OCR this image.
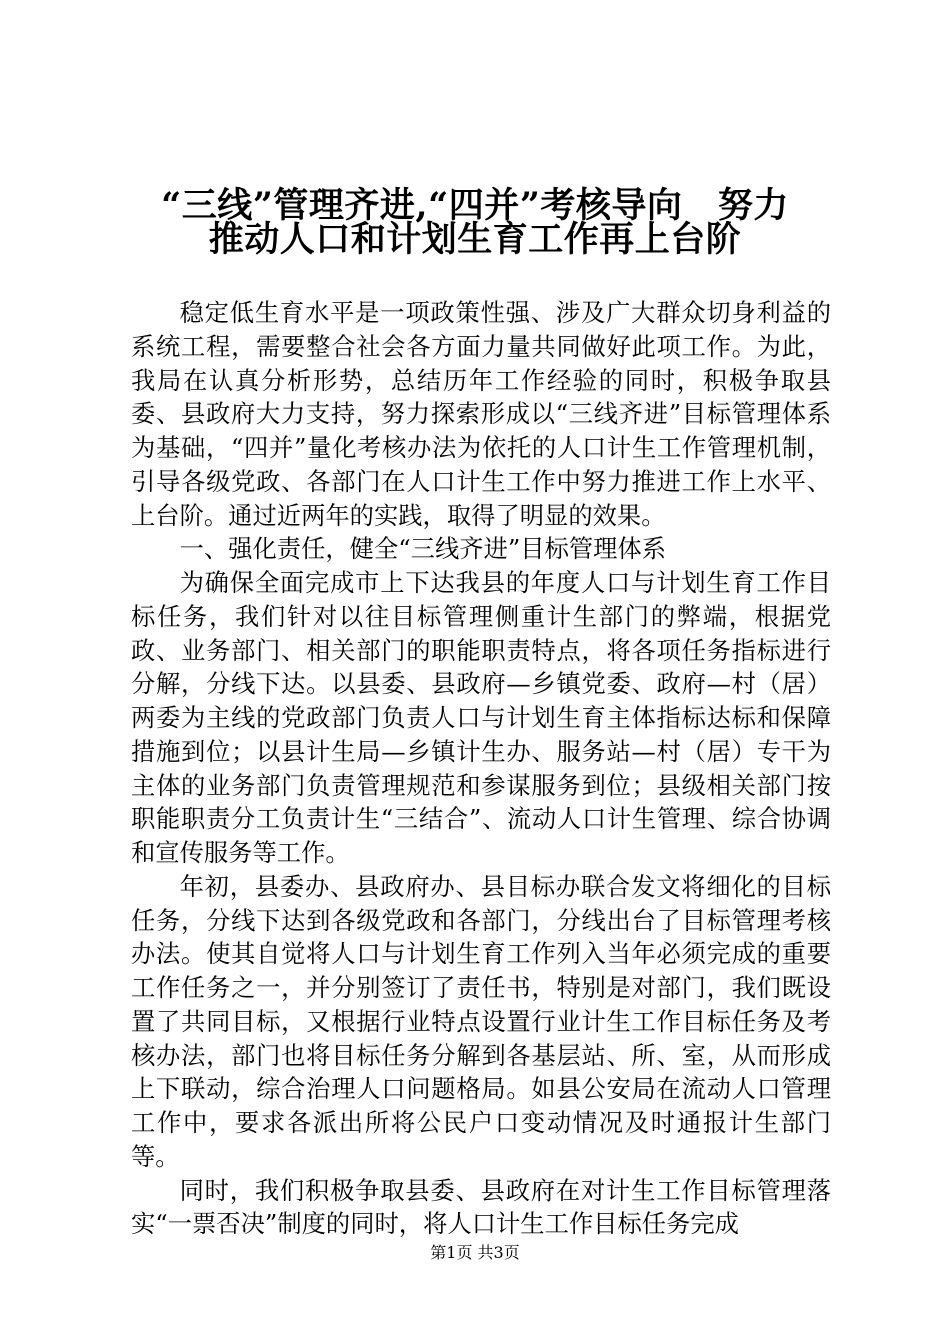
“三线”管理齐进,“四并”考核导向　努力
推动人口和计划生育工作再上台阶

稳定低生育水平是一项政策性强、涉及广大群众切身利益的系统工程，需要整合社会各方面力量共同做好此项工作。为此，我局在认真分析形势，总结历年工作经验的同时，积极争取县委、县政府大力支持，努力探索形成以“三线齐进”目标管理体系为基础，“四并”量化考核办法为依托的人口计生工作管理机制，引导各级党政、各部门在人口计生工作中努力推进工作上水平、上台阶。通过近两年的实践，取得了明显的效果。

一、强化责任，健全“三线齐进”目标管理体系

为确保全面完成市上下达我县的年度人口与计划生育工作目标任务，我们针对以往目标管理侧重计生部门的弊端，根据党政、业务部门、相关部门的职能职责特点，将各项任务指标进行分解，分线下达。以县委、县政府—乡镇党委、政府—村（居）两委为主线的党政部门负责人口与计划生育主体指标达标和保障措施到位；以县计生局—乡镇计生办、服务站—村（居）专干为主体的业务部门负责管理规范和参谋服务到位；县级相关部门按职能职责分工负责计生“三结合”、流动人口计生管理、综合协调和宣传服务等工作。

年初，县委办、县政府办、县目标办联合发文将细化的目标任务，分线下达到各级党政和各部门，分线出台了目标管理考核办法。使其自觉将人口与计划生育工作列入当年必须完成的重要工作任务之一，并分别签订了责任书，特别是对部门，我们既设置了共同目标，又根据行业特点设置行业计生工作目标任务及考核办法，部门也将目标任务分解到各基层站、所、室，从而形成上下联动，综合治理人口问题格局。如县公安局在流动人口管理工作中，要求各派出所将公民户口变动情况及时通报计生部门等。

同时，我们积极争取县委、县政府在对计生工作目标管理落实“一票否决”制度的同时，将人口计生工作目标任务完成

第1页 共3页
